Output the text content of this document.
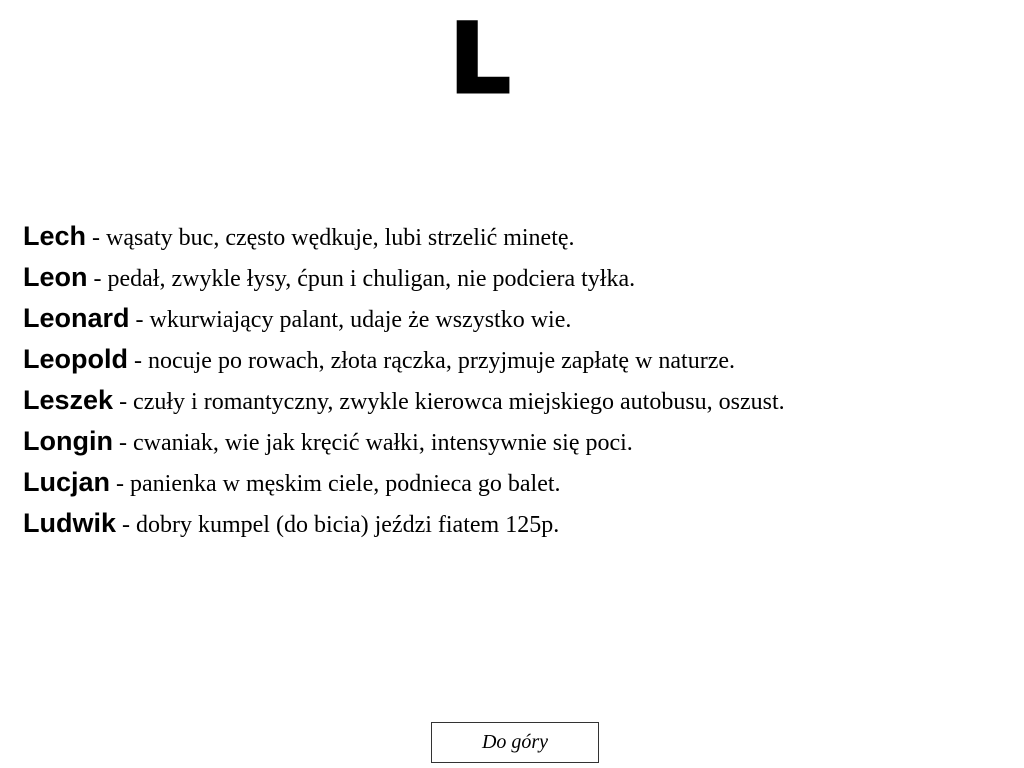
L
Lech - wąsaty buc, często wędkuje, lubi strzelić minetę.
Leon - pedał, zwykle łysy, ćpun i chuligan, nie podciera tyłka.
Leonard - wkurwiający palant, udaje że wszystko wie.
Leopold - nocuje po rowach, złota rączka, przyjmuje zapłatę w naturze.
Leszek - czuły i romantyczny, zwykle kierowca miejskiego autobusu, oszust.
Longin - cwaniak, wie jak kręcić wałki, intensywnie się poci.
Lucjan - panienka w męskim ciele, podnieca go balet.
Ludwik - dobry kumpel (do bicia) jeździ fiatem 125p.
Do góry
